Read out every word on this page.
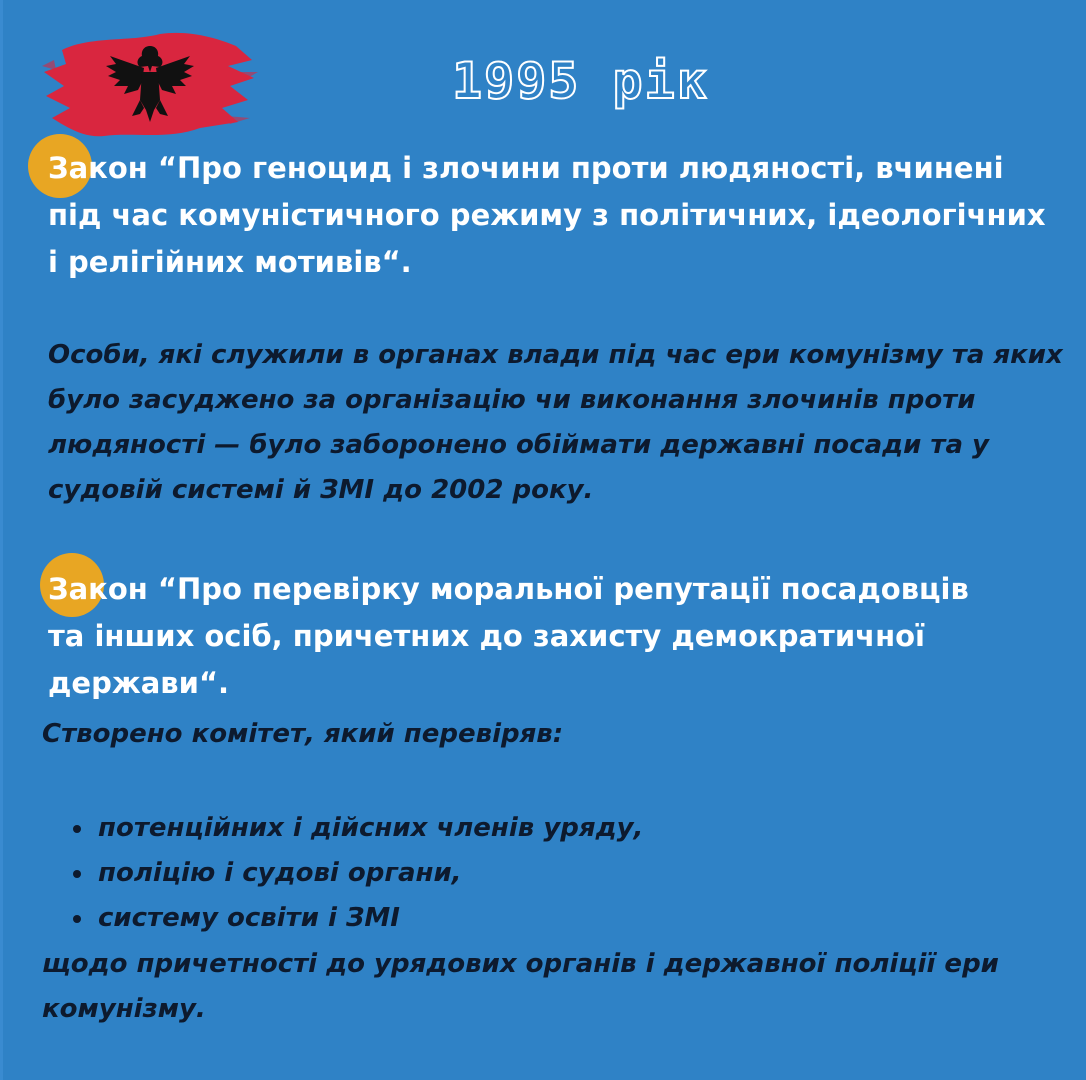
1995 рік

Закон “Про геноцид і злочини проти людяності, вчинені під час комуністичного режиму з політичних, ідеологічних і релігійних мотивів“.

Особи, які служили в органах влади під час ери комунізму та яких було засуджено за організацію чи виконання злочинів проти людяності — було заборонено обіймати державні посади та у судовій системі й ЗМІ до 2002 року.

Закон “Про перевірку моральної репутації посадовців та інших осіб, причетних до захисту демократичної держави“.

Створено комітет, який перевіряв:

потенційних і дійсних членів уряду,
поліцію і судові органи,
систему освіти і ЗМІ

щодо причетності до урядових органів і державної поліції ери комунізму.
